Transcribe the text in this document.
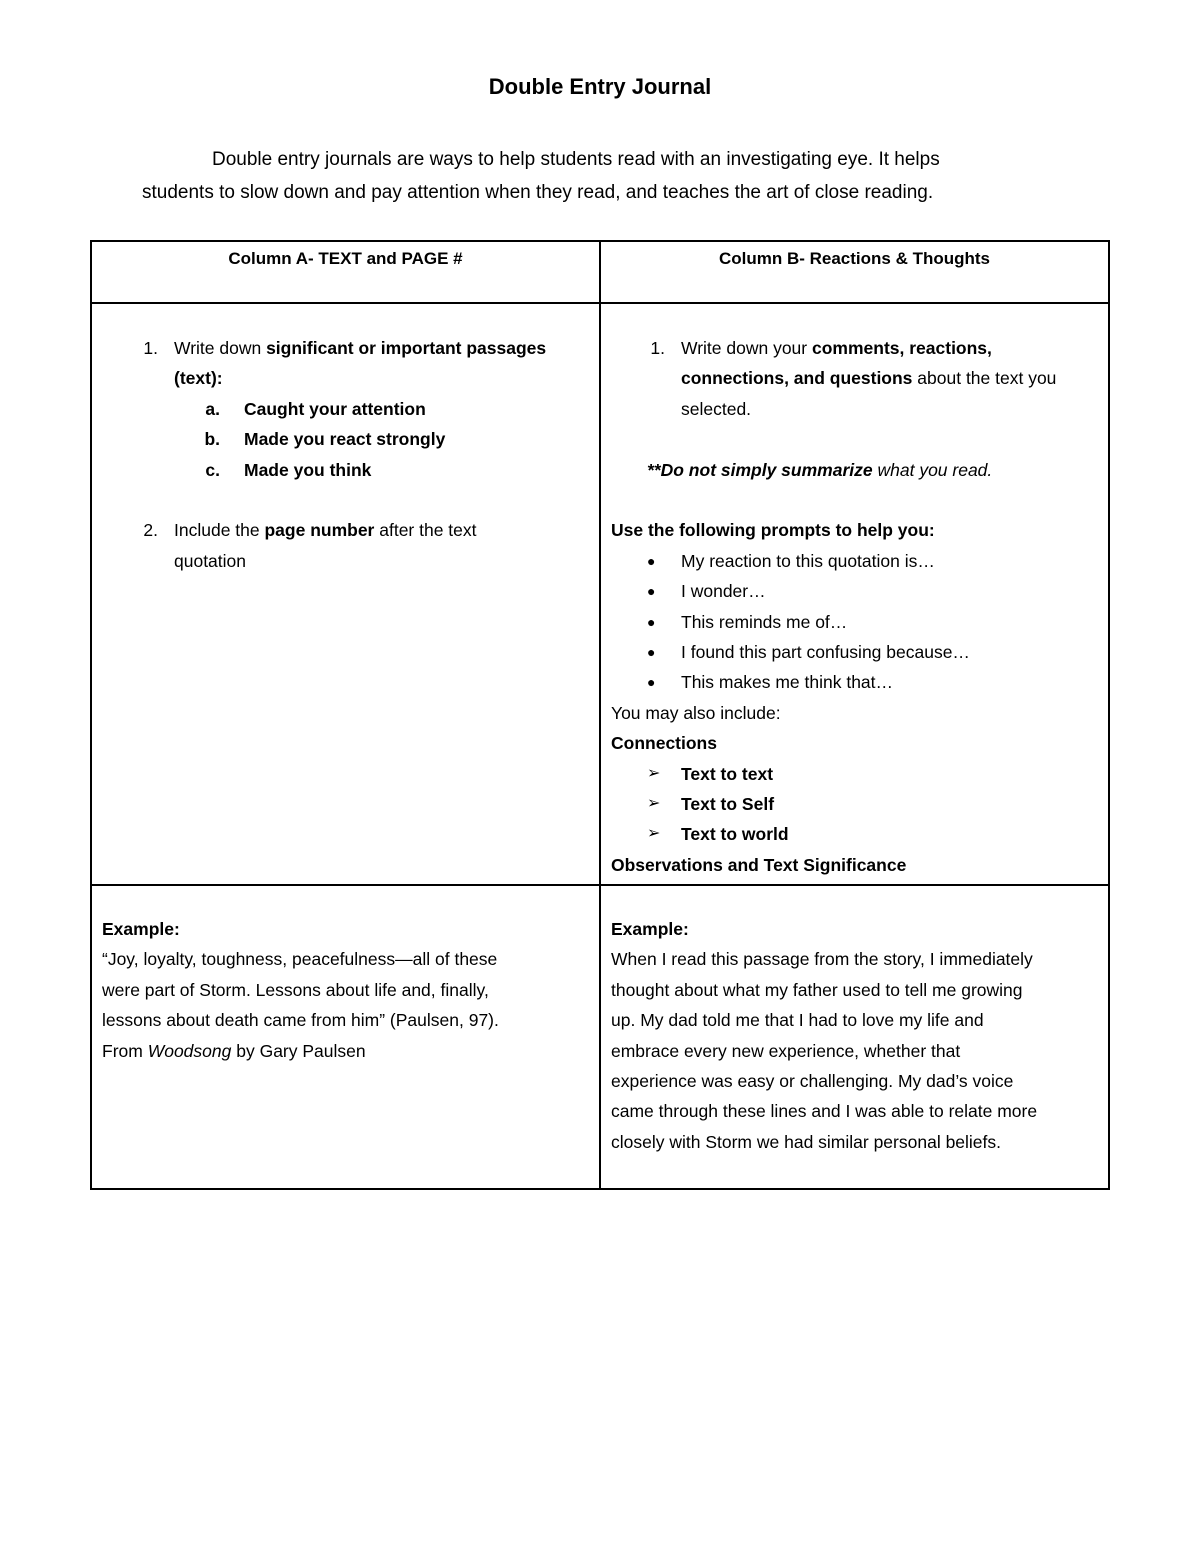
Double Entry Journal
Double entry journals are ways to help students read with an investigating eye. It helps
students to slow down and pay attention when they read, and teaches the art of close reading.
Column A- TEXT and PAGE #	Column B- Reactions & Thoughts
1. Write down significant or important passages
(text):
a. Caught your attention
b. Made you react strongly
c. Made you think
2. Include the page number after the text
quotation
1. Write down your comments, reactions,
connections, and questions about the text you
selected.
**Do not simply summarize what you read.
Use the following prompts to help you:
● My reaction to this quotation is…
● I wonder…
● This reminds me of…
● I found this part confusing because…
● This makes me think that…
You may also include:
Connections
➢ Text to text
➢ Text to Self
➢ Text to world
Observations and Text Significance
Example:
“Joy, loyalty, toughness, peacefulness—all of these
were part of Storm. Lessons about life and, finally,
lessons about death came from him” (Paulsen, 97).
From Woodsong by Gary Paulsen
Example:
When I read this passage from the story, I immediately
thought about what my father used to tell me growing
up. My dad told me that I had to love my life and
embrace every new experience, whether that
experience was easy or challenging. My dad’s voice
came through these lines and I was able to relate more
closely with Storm we had similar personal beliefs.
